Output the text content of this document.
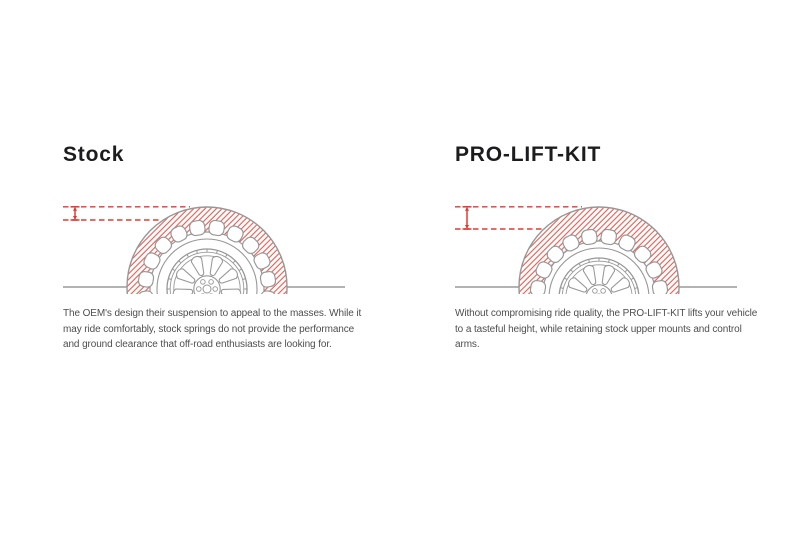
Stock
The OEM's design their suspension to appeal to the masses. While it
may ride comfortably, stock springs do not provide the performance
and ground clearance that off-road enthusiasts are looking for.
PRO-LIFT-KIT
Without compromising ride quality, the PRO-LIFT-KIT lifts your vehicle
to a tasteful height, while retaining stock upper mounts and control
arms.
